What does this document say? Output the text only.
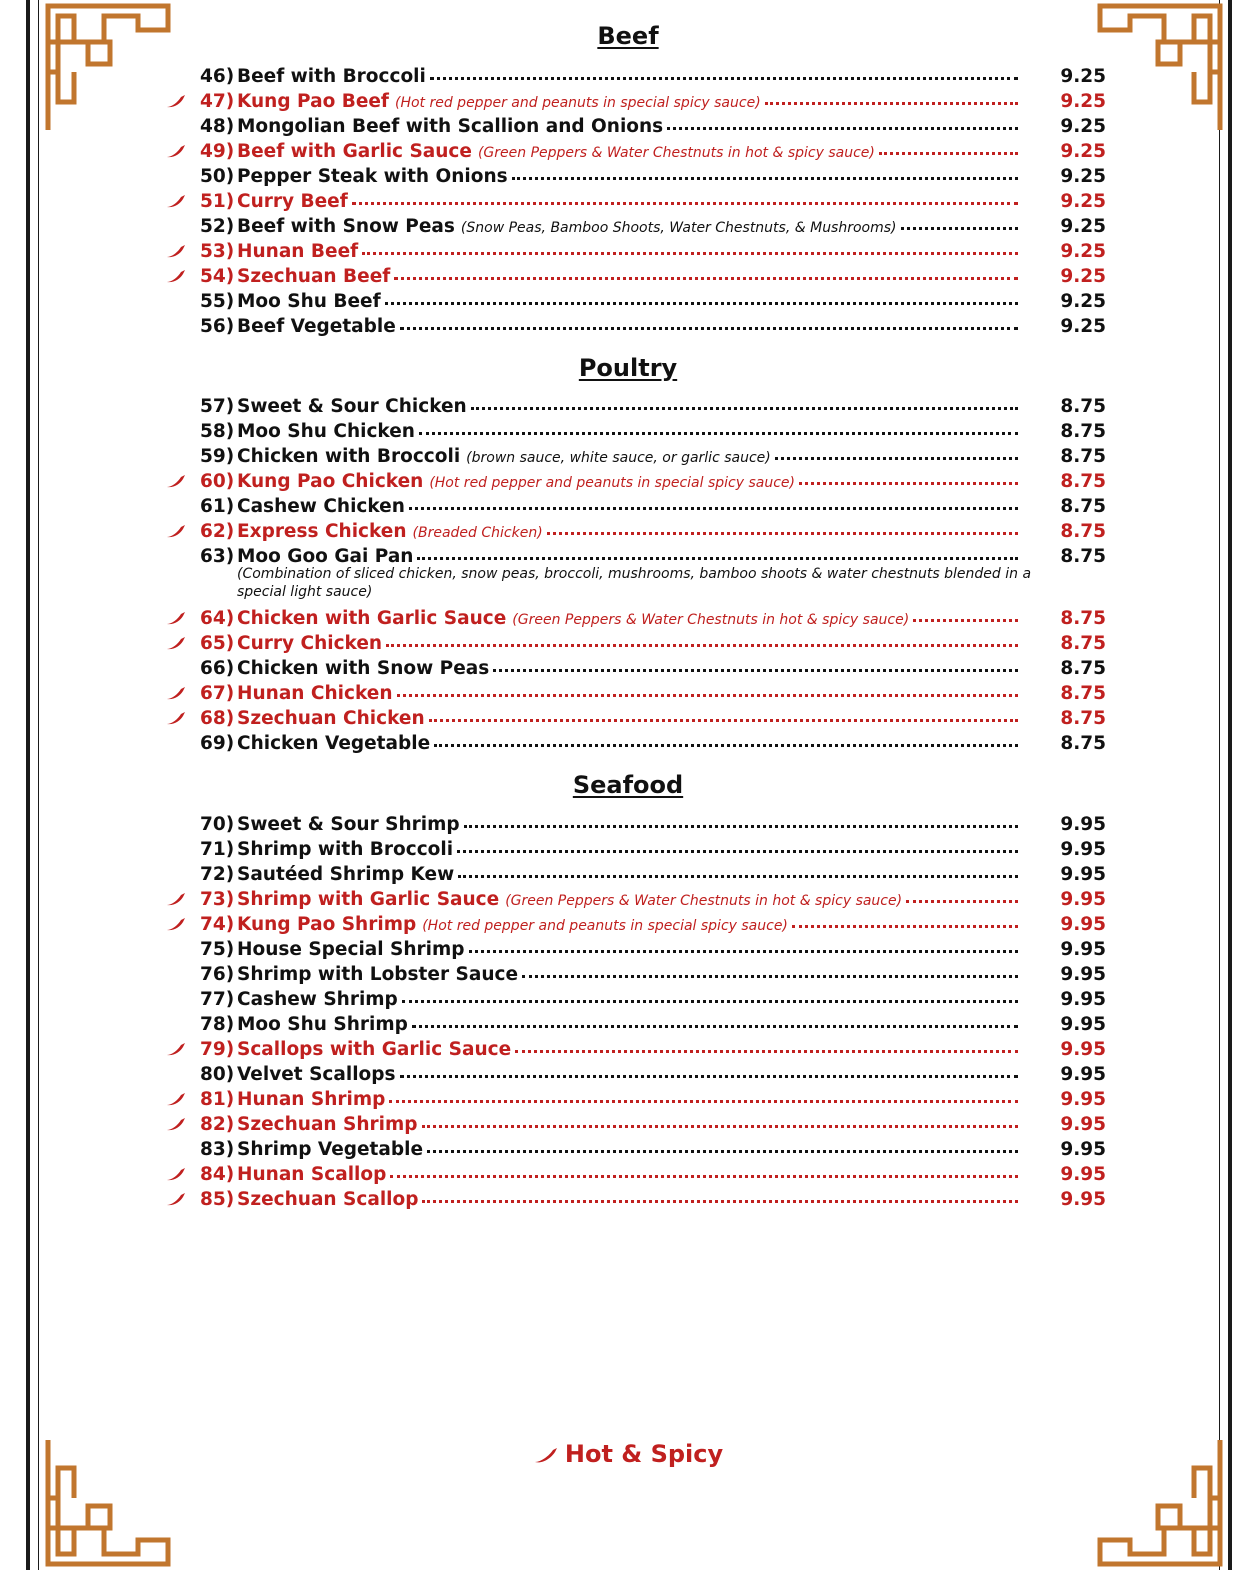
Beef
46) Beef with Broccoli	9.25
47) Kung Pao Beef (Hot red pepper and peanuts in special spicy sauce)	9.25
48) Mongolian Beef with Scallion and Onions	9.25
49) Beef with Garlic Sauce (Green Peppers & Water Chestnuts in hot & spicy sauce)	9.25
50) Pepper Steak with Onions	9.25
51) Curry Beef	9.25
52) Beef with Snow Peas (Snow Peas, Bamboo Shoots, Water Chestnuts, & Mushrooms)	9.25
53) Hunan Beef	9.25
54) Szechuan Beef	9.25
55) Moo Shu Beef	9.25
56) Beef Vegetable	9.25
Poultry
57) Sweet & Sour Chicken	8.75
58) Moo Shu Chicken	8.75
59) Chicken with Broccoli (brown sauce, white sauce, or garlic sauce)	8.75
60) Kung Pao Chicken (Hot red pepper and peanuts in special spicy sauce)	8.75
61) Cashew Chicken	8.75
62) Express Chicken (Breaded Chicken)	8.75
63) Moo Goo Gai Pan	8.75
(Combination of sliced chicken, snow peas, broccoli, mushrooms, bamboo shoots & water chestnuts blended in a special light sauce)
64) Chicken with Garlic Sauce (Green Peppers & Water Chestnuts in hot & spicy sauce)	8.75
65) Curry Chicken	8.75
66) Chicken with Snow Peas	8.75
67) Hunan Chicken	8.75
68) Szechuan Chicken	8.75
69) Chicken Vegetable	8.75
Seafood
70) Sweet & Sour Shrimp	9.95
71) Shrimp with Broccoli	9.95
72) Sautéed Shrimp Kew	9.95
73) Shrimp with Garlic Sauce (Green Peppers & Water Chestnuts in hot & spicy sauce)	9.95
74) Kung Pao Shrimp (Hot red pepper and peanuts in special spicy sauce)	9.95
75) House Special Shrimp	9.95
76) Shrimp with Lobster Sauce	9.95
77) Cashew Shrimp	9.95
78) Moo Shu Shrimp	9.95
79) Scallops with Garlic Sauce	9.95
80) Velvet Scallops	9.95
81) Hunan Shrimp	9.95
82) Szechuan Shrimp	9.95
83) Shrimp Vegetable	9.95
84) Hunan Scallop	9.95
85) Szechuan Scallop	9.95
Hot & Spicy
